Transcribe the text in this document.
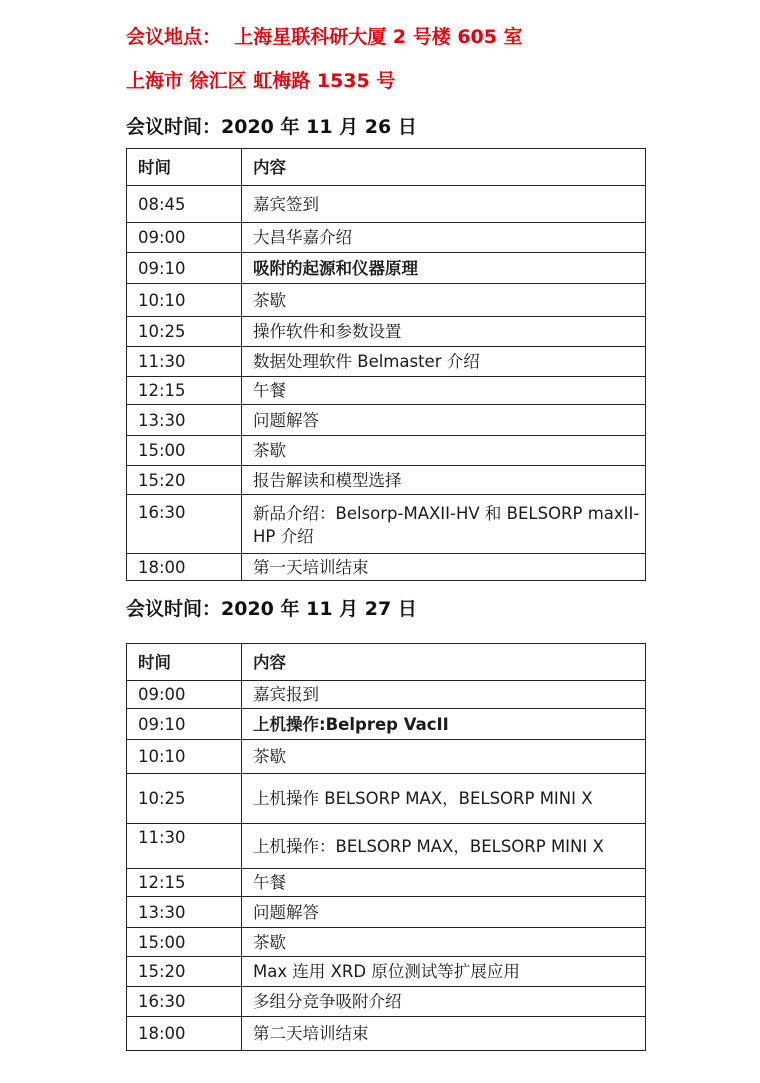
会议地点： 上海星联科研大厦 2 号楼 605 室
上海市 徐汇区 虹梅路 1535 号
会议时间：2020 年 11 月 26 日
时间	内容
08:45	嘉宾签到
09:00	大昌华嘉介绍
09:10	吸附的起源和仪器原理
10:10	茶歇
10:25	操作软件和参数设置
11:30	数据处理软件 Belmaster 介绍
12:15	午餐
13:30	问题解答
15:00	茶歇
15:20	报告解读和模型选择
16:30	新品介绍：Belsorp-MAXII-HV 和 BELSORP maxII-HP 介绍
18:00	第一天培训结束
会议时间：2020 年 11 月 27 日
时间	内容
09:00	嘉宾报到
09:10	上机操作:Belprep VacII
10:10	茶歇
10:25	上机操作 BELSORP MAX，BELSORP MINI X
11:30	上机操作：BELSORP MAX，BELSORP MINI X
12:15	午餐
13:30	问题解答
15:00	茶歇
15:20	Max 连用 XRD 原位测试等扩展应用
16:30	多组分竞争吸附介绍
18:00	第二天培训结束
